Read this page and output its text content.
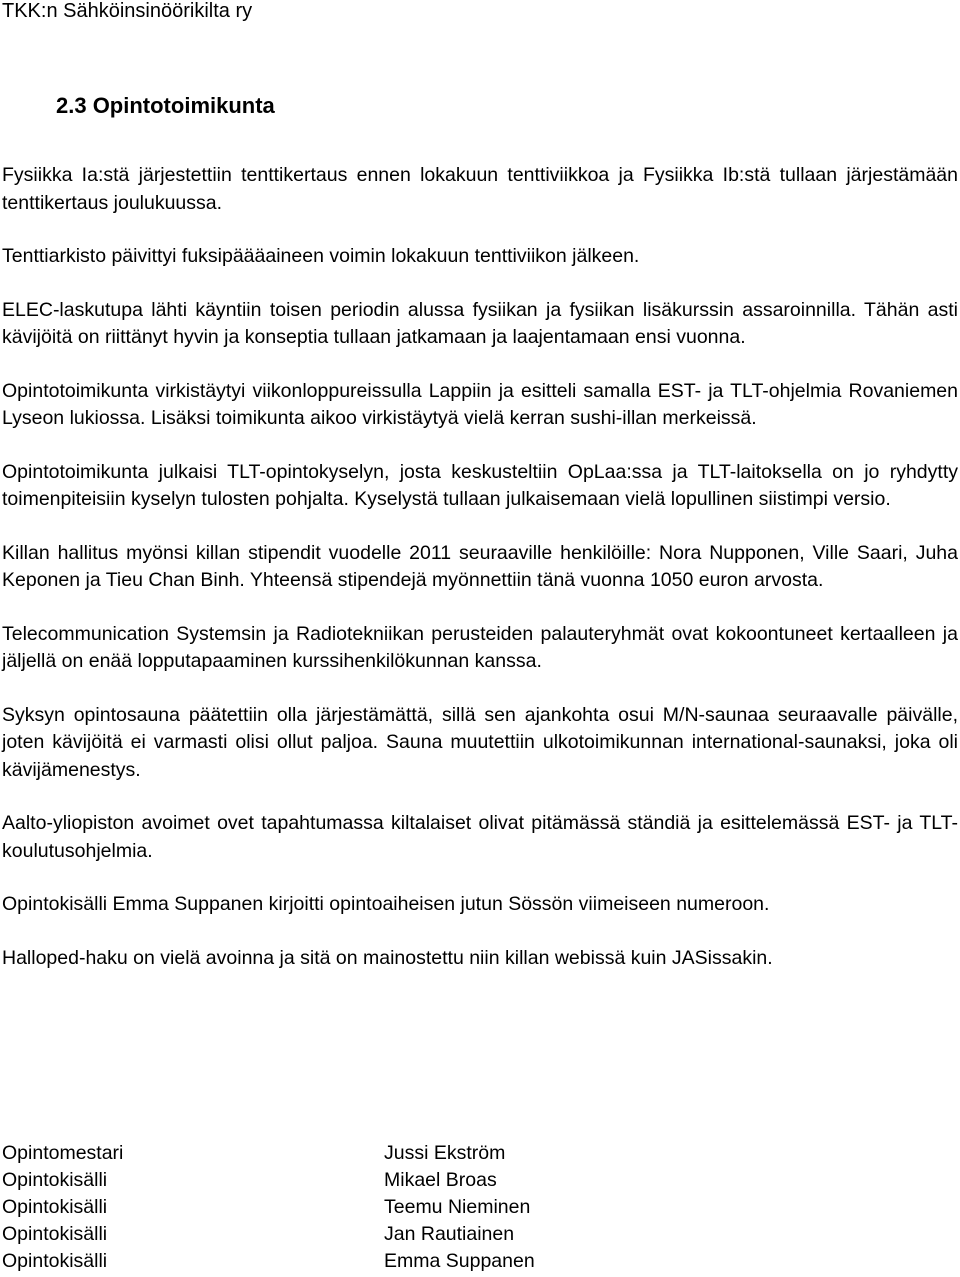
TKK:n Sähköinsinöörikilta ry
2.3 Opintotoimikunta

Fysiikka Ia:stä järjestettiin tenttikertaus ennen lokakuun tenttiviikkoa ja Fysiikka Ib:stä tullaan järjestämään tenttikertaus joulukuussa.

Tenttiarkisto päivittyi fuksipäääaineen voimin lokakuun tenttiviikon jälkeen.

ELEC-laskutupa lähti käyntiin toisen periodin alussa fysiikan ja fysiikan lisäkurssin assaroinnilla. Tähän asti kävijöitä on riittänyt hyvin ja konseptia tullaan jatkamaan ja laajentamaan ensi vuonna.

Opintotoimikunta virkistäytyi viikonloppureissulla Lappiin ja esitteli samalla EST- ja TLT-ohjelmia Rovaniemen Lyseon lukiossa. Lisäksi toimikunta aikoo virkistäytyä vielä kerran sushi-illan merkeissä.

Opintotoimikunta julkaisi TLT-opintokyselyn, josta keskusteltiin OpLaa:ssa ja TLT-laitoksella on jo ryhdytty toimenpiteisiin kyselyn tulosten pohjalta. Kyselystä tullaan julkaisemaan vielä lopullinen siistimpi versio.

Killan hallitus myönsi killan stipendit vuodelle 2011 seuraaville henkilöille: Nora Nupponen, Ville Saari, Juha Keponen ja Tieu Chan Binh. Yhteensä stipendejä myönnettiin tänä vuonna 1050 euron arvosta.

Telecommunication Systemsin ja Radiotekniikan perusteiden palauteryhmät ovat kokoontuneet kertaalleen ja jäljellä on enää lopputapaaminen kurssihenkilökunnan kanssa.

Syksyn opintosauna päätettiin olla järjestämättä, sillä sen ajankohta osui M/N-saunaa seuraavalle päivälle, joten kävijöitä ei varmasti olisi ollut paljoa. Sauna muutettiin ulkotoimikunnan international-saunaksi, joka oli kävijämenestys.

Aalto-yliopiston avoimet ovet tapahtumassa kiltalaiset olivat pitämässä ständiä ja esittelemässä EST- ja TLT-koulutusohjelmia.

Opintokisälli Emma Suppanen kirjoitti opintoaiheisen jutun Sössön viimeiseen numeroon.

Halloped-haku on vielä avoinna ja sitä on mainostettu niin killan webissä kuin JASissakin.

Opintomestari	Jussi Ekström
Opintokisälli	Mikael Broas
Opintokisälli	Teemu Nieminen
Opintokisälli	Jan Rautiainen
Opintokisälli	Emma Suppanen
